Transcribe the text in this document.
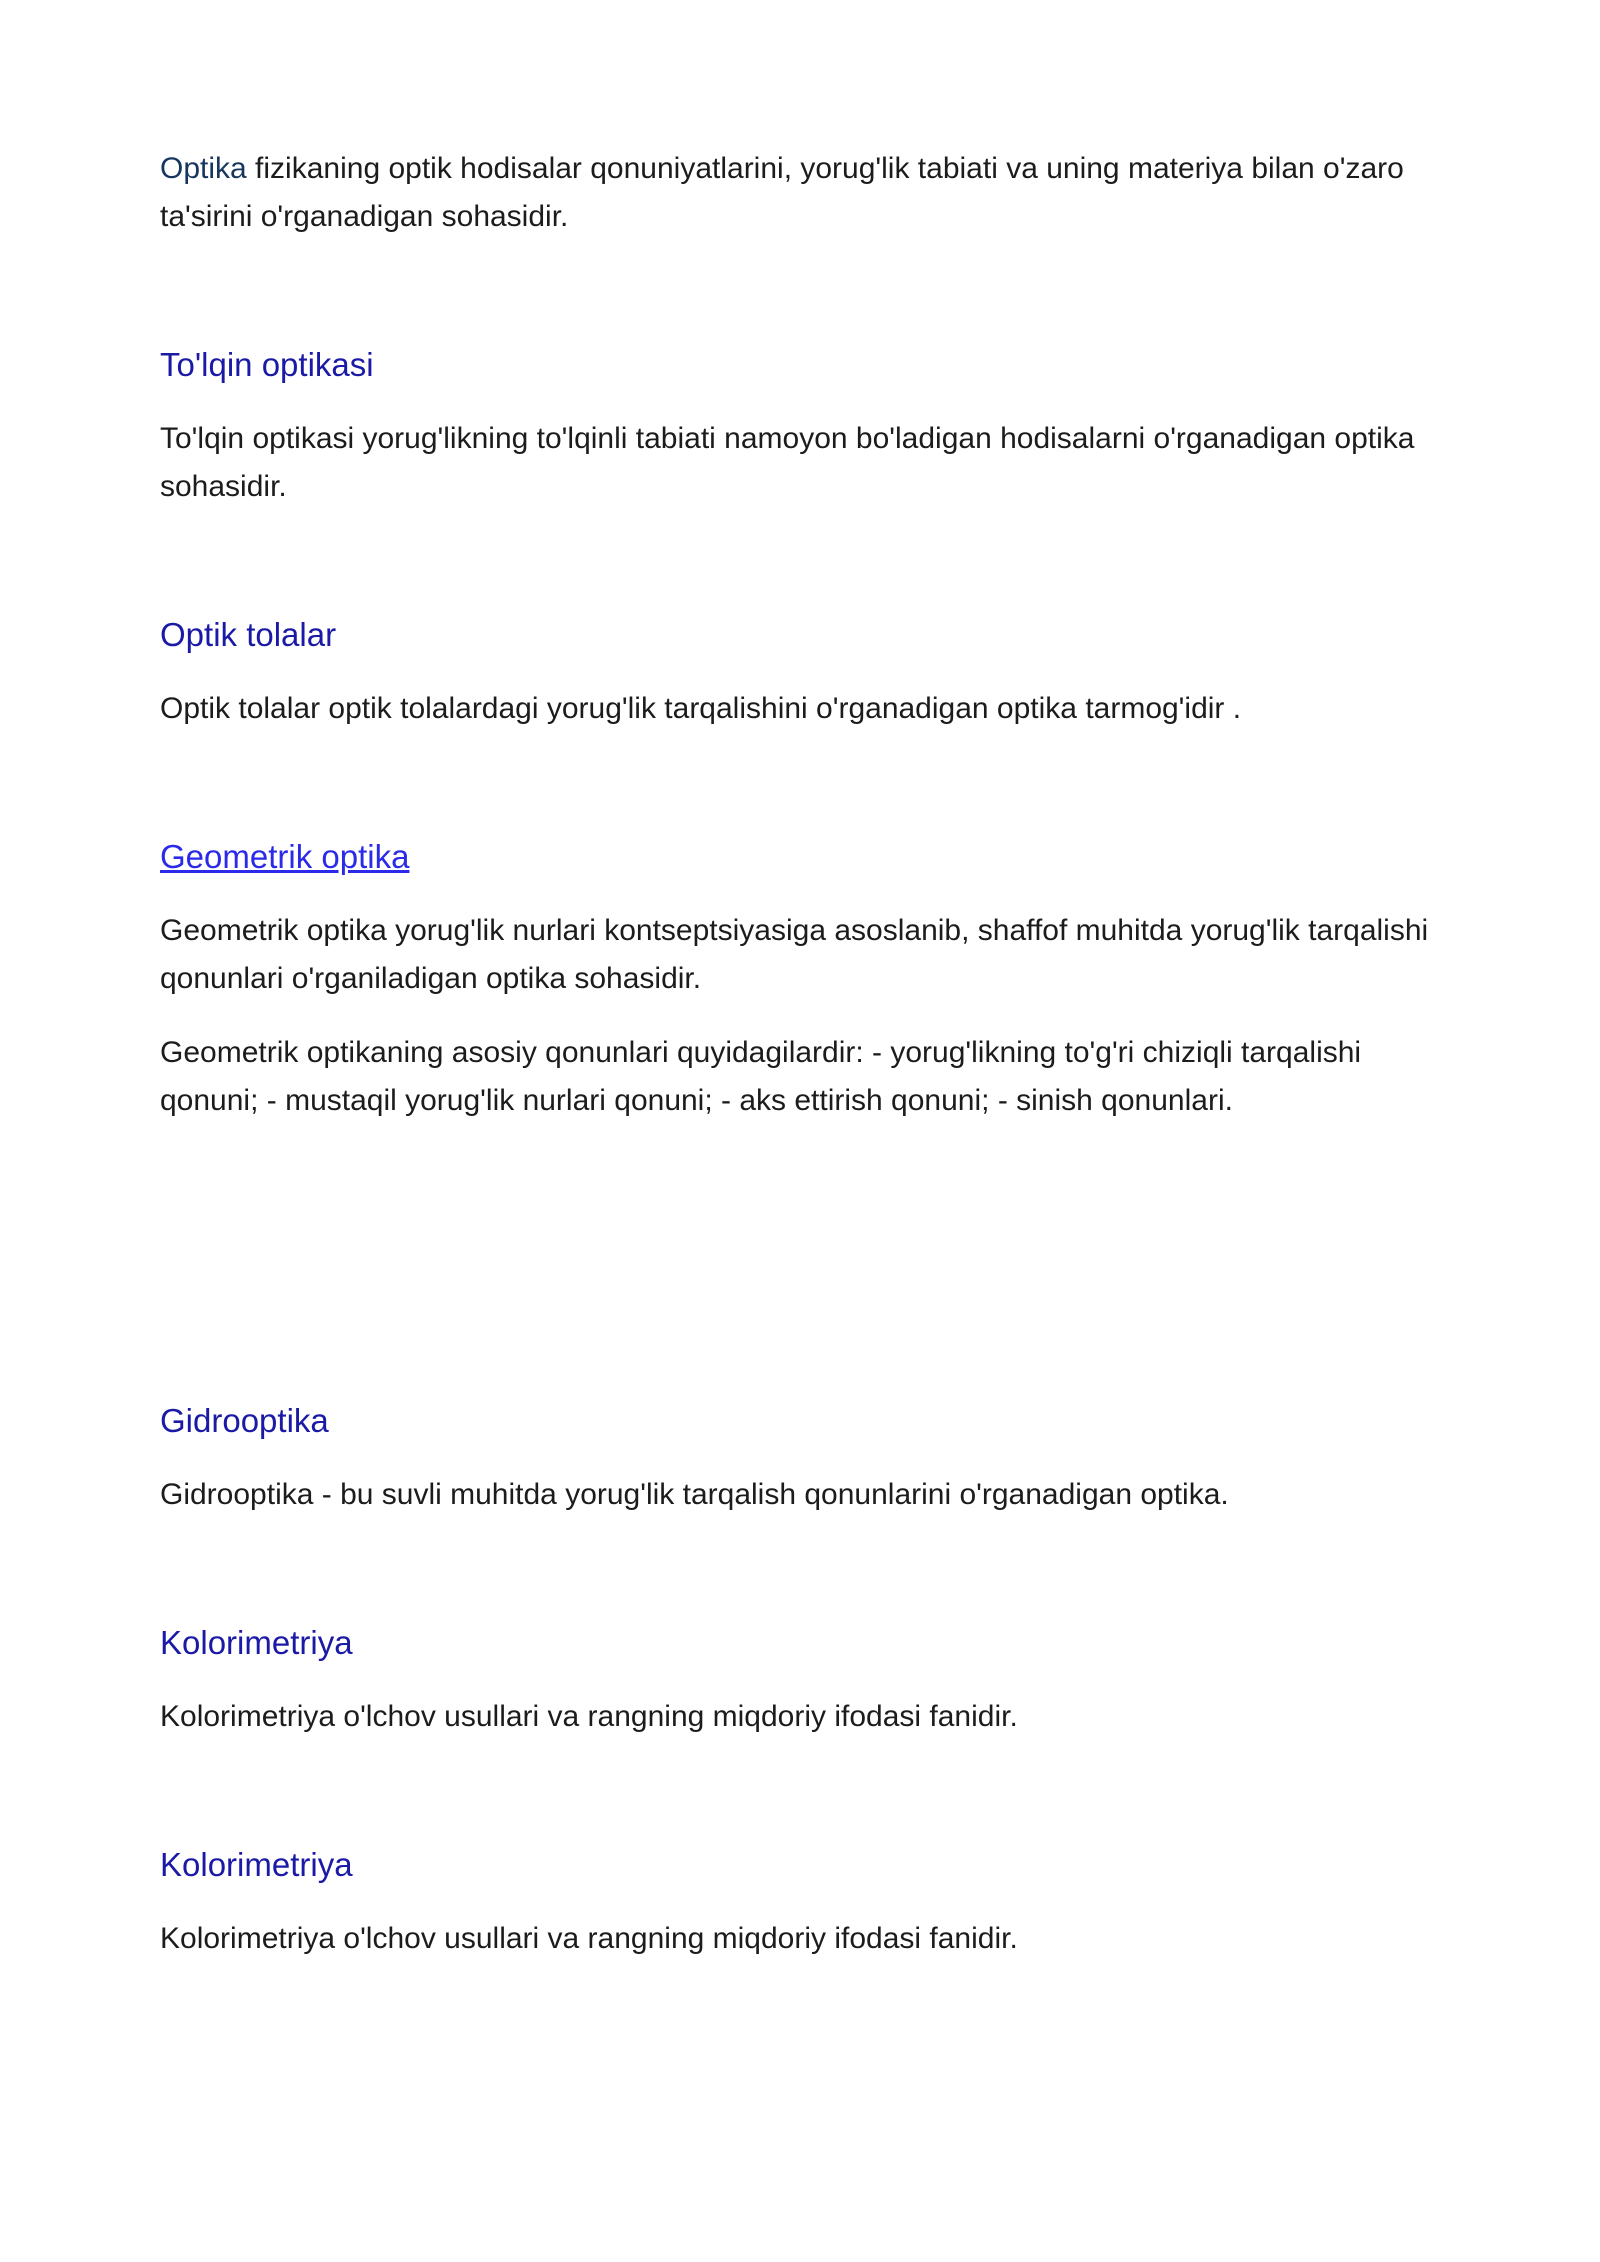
Optika fizikaning optik hodisalar qonuniyatlarini, yorug'lik tabiati va uning materiya bilan o'zaro ta'sirini o'rganadigan sohasidir.

To'lqin optikasi

To'lqin optikasi yorug'likning to'lqinli tabiati namoyon bo'ladigan hodisalarni o'rganadigan optika sohasidir.

Optik tolalar

Optik tolalar optik tolalardagi yorug'lik tarqalishini o'rganadigan optika tarmog'idir .

Geometrik optika

Geometrik optika yorug'lik nurlari kontseptsiyasiga asoslanib, shaffof muhitda yorug'lik tarqalishi qonunlari o'rganiladigan optika sohasidir.

Geometrik optikaning asosiy qonunlari quyidagilardir: - yorug'likning to'g'ri chiziqli tarqalishi qonuni; - mustaqil yorug'lik nurlari qonuni; - aks ettirish qonuni; - sinish qonunlari.

Gidrooptika

Gidrooptika - bu suvli muhitda yorug'lik tarqalish qonunlarini o'rganadigan optika.

Kolorimetriya

Kolorimetriya o'lchov usullari va rangning miqdoriy ifodasi fanidir.

Kolorimetriya

Kolorimetriya o'lchov usullari va rangning miqdoriy ifodasi fanidir.
